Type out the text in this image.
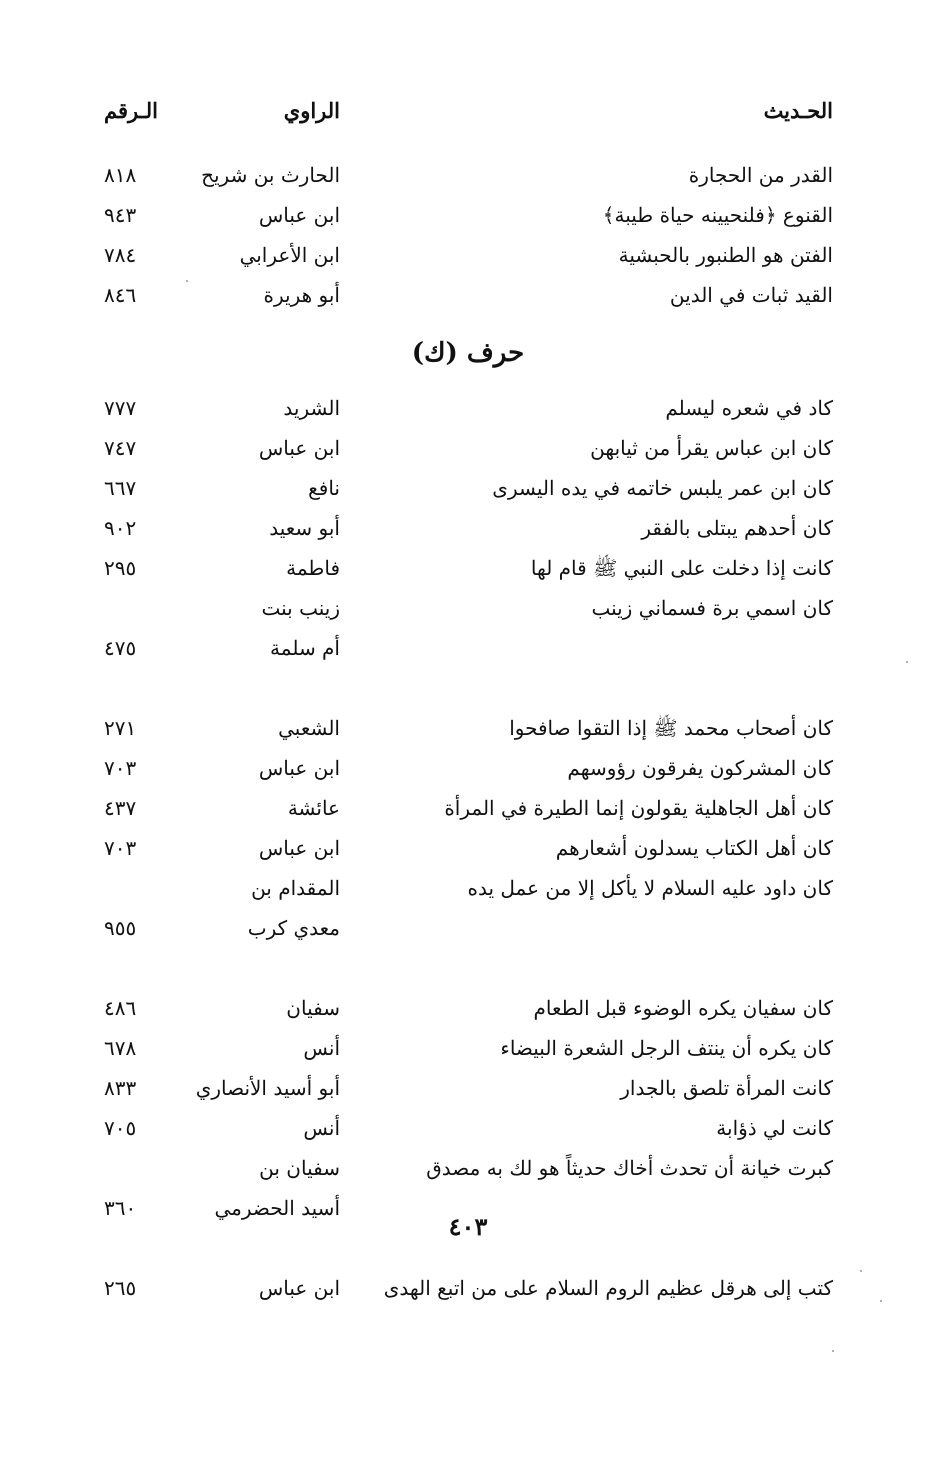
الحـديث
الراوي
الـرقم
القدر من الحجارة
الحارث بن شريح
٨١٨
القنوع ﴿فلنحيينه حياة طيبة﴾
ابن عباس
٩٤٣
الفتن هو الطنبور بالحبشية
ابن الأعرابي
٧٨٤
القيد ثبات في الدين
أبو هريرة
٨٤٦
حرف (ك)
كاد في شعره ليسلم
الشريد
٧٧٧
كان ابن عباس يقرأ من ثيابهن
ابن عباس
٧٤٧
كان ابن عمر يلبس خاتمه في يده اليسرى
نافع
٦٦٧
كان أحدهم يبتلى بالفقر
أبو سعيد
٩٠٢
كانت إذا دخلت على النبي ﷺ قام لها
فاطمة
٢٩٥
كان اسمي برة فسماني زينب
زينب بنت
أم سلمة
٤٧٥
كان أصحاب محمد ﷺ إذا التقوا صافحوا
الشعبي
٢٧١
كان المشركون يفرقون رؤوسهم
ابن عباس
٧٠٣
كان أهل الجاهلية يقولون إنما الطيرة في المرأة
عائشة
٤٣٧
كان أهل الكتاب يسدلون أشعارهم
ابن عباس
٧٠٣
كان داود عليه السلام لا يأكل إلا من عمل يده
المقدام بن
معدي كرب
٩٥٥
كان سفيان يكره الوضوء قبل الطعام
سفيان
٤٨٦
كان يكره أن ينتف الرجل الشعرة البيضاء
أنس
٦٧٨
كانت المرأة تلصق بالجدار
أبو أسيد الأنصاري
٨٣٣
كانت لي ذؤابة
أنس
٧٠٥
كبرت خيانة أن تحدث أخاك حديثاً هو لك به مصدق
سفيان بن
أسيد الحضرمي
٣٦٠
كتب إلى هرقل عظيم الروم السلام على من اتبع الهدى
ابن عباس
٢٦٥
٤٠٣
